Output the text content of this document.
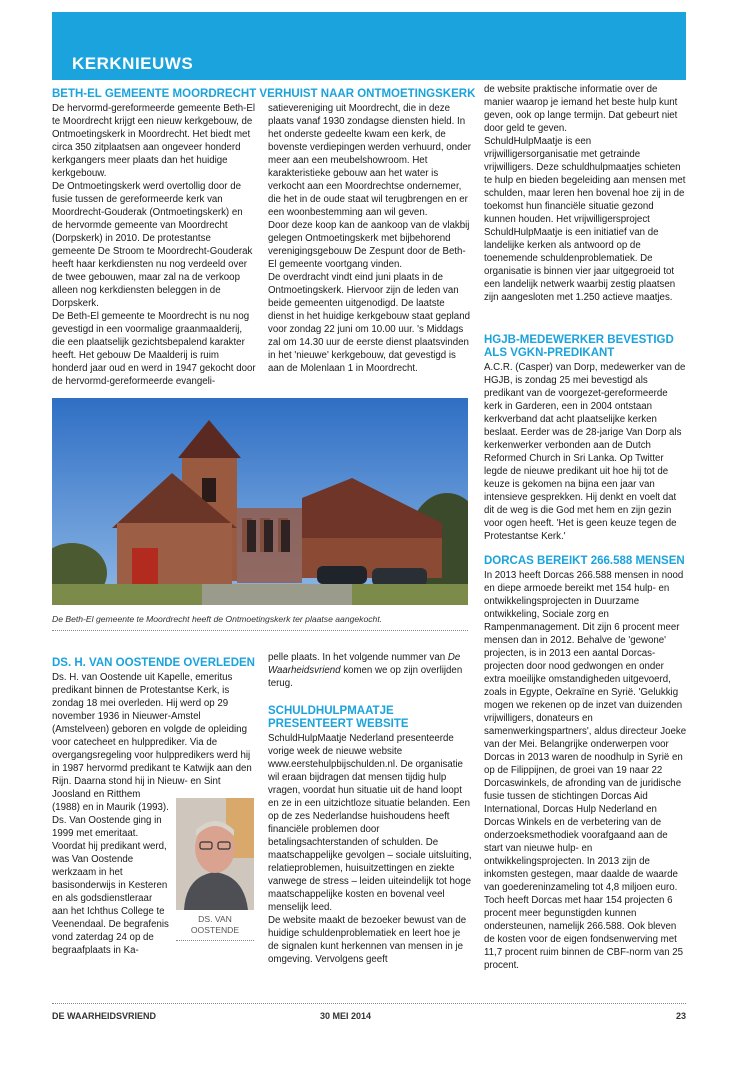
KERKNIEUWS
BETH-EL GEMEENTE MOORDRECHT VERHUIST NAAR ONTMOETINGSKERK

De hervormd-gereformeerde gemeente Beth-El te Moordrecht krijgt een nieuw kerkgebouw, de Ontmoetingskerk in Moordrecht. Het biedt met circa 350 zitplaatsen aan ongeveer honderd kerkgangers meer plaats dan het huidige kerkgebouw.

De Ontmoetingskerk werd overtollig door de fusie tussen de gereformeerde kerk van Moordrecht-Gouderak (Ontmoetingskerk) en de hervormde gemeente van Moordrecht (Dorpskerk) in 2010. De protestantse gemeente De Stroom te Moordrecht-Gouderak heeft haar kerkdiensten nu nog verdeeld over de twee gebouwen, maar zal na de verkoop alleen nog kerkdiensten beleggen in de Dorpskerk.

De Beth-El gemeente te Moordrecht is nu nog gevestigd in een voormalige graanmaalderij, die een plaatselijk gezichtsbepalend karakter heeft. Het gebouw De Maalderij is ruim honderd jaar oud en werd in 1947 gekocht door de hervormd-gereformeerde evangeli-

satievereniging uit Moordrecht, die in deze plaats vanaf 1930 zondagse diensten hield. In het onderste gedeelte kwam een kerk, de bovenste verdiepingen werden verhuurd, onder meer aan een meubelshowroom. Het karakteristieke gebouw aan het water is verkocht aan een Moordrechtse ondernemer, die het in de oude staat wil terugbrengen en er een woonbestemming aan wil geven.

Door deze koop kan de aankoop van de vlakbij gelegen Ontmoetingskerk met bijbehorend verenigingsgebouw De Zespunt door de Beth-El gemeente voortgang vinden.

De overdracht vindt eind juni plaats in de Ontmoetingskerk. Hiervoor zijn de leden van beide gemeenten uitgenodigd. De laatste dienst in het huidige kerkgebouw staat gepland voor zondag 22 juni om 10.00 uur. 's Middags zal om 14.30 uur de eerste dienst plaatsvinden in het 'nieuwe' kerkgebouw, dat gevestigd is aan de Molenlaan 1 in Moordrecht.

De Beth-El gemeente te Moordrecht heeft de Ontmoetingskerk ter plaatse aangekocht.
DS. H. VAN OOSTENDE OVERLEDEN
Ds. H. van Oostende uit Kapelle, emeritus predikant binnen de Protestantse Kerk, is zondag 18 mei overleden. Hij werd op 29 november 1936 in Nieuwer-Amstel (Amstelveen) geboren en volgde de opleiding voor catecheet en hulpprediker. Via de overgangsregeling voor hulppredikers werd hij in 1987 hervormd predikant te Katwijk aan den Rijn. Daarna stond hij in Nieuw- en Sint
Joosland en Ritthem (1988) en in Maurik (1993). Ds. Van Oostende ging in 1999 met emeritaat. Voordat hij predikant werd, was Van Oostende werkzaam in het basisonderwijs in Kesteren en als godsdienstleraar aan het Ichthus College te Veenendaal. De begrafenis vond zaterdag 24 op de begraafplaats in Ka-
DS. VAN OOSTENDE
pelle plaats. In het volgende nummer van De Waarheidsvriend komen we op zijn overlijden terug.
SCHULDHULPMAATJE PRESENTEERT WEBSITE

SchuldHulpMaatje Nederland presenteerde vorige week de nieuwe website www.eerstehulpbijschulden.nl. De organisatie wil eraan bijdragen dat mensen tijdig hulp vragen, voordat hun situatie uit de hand loopt en ze in een uitzichtloze situatie belanden. Een op de zes Nederlandse huishoudens heeft financiële problemen door betalingsachterstanden of schulden. De maatschappelijke gevolgen – sociale uitsluiting, relatieproblemen, huisuitzettingen en ziekte vanwege de stress – leiden uiteindelijk tot hoge maatschappelijke kosten en bovenal veel menselijk leed.

De website maakt de bezoeker bewust van de huidige schuldenproblematiek en leert hoe je de signalen kunt herkennen van mensen in je omgeving. Vervolgens geeft

de website praktische informatie over de manier waarop je iemand het beste hulp kunt geven, ook op lange termijn. Dat gebeurt niet door geld te geven.

SchuldHulpMaatje is een vrijwilligersorganisatie met getrainde vrijwilligers. Deze schuldhulpmaatjes schieten te hulp en bieden begeleiding aan mensen met schulden, maar leren hen bovenal hoe zij in de toekomst hun financiële situatie gezond kunnen houden. Het vrijwilligersproject SchuldHulpMaatje is een initiatief van de landelijke kerken als antwoord op de toenemende schuldenproblematiek. De organisatie is binnen vier jaar uitgegroeid tot een landelijk netwerk waarbij zestig plaatsen zijn aangesloten met 1.250 actieve maatjes.

HGJB-MEDEWERKER BEVESTIGD ALS VGKN-PREDIKANT
A.C.R. (Casper) van Dorp, medewerker van de HGJB, is zondag 25 mei bevestigd als predikant van de voorgezet-gereformeerde kerk in Garderen, een in 2004 ontstaan kerkverband dat acht plaatselijke kerken beslaat. Eerder was de 28-jarige Van Dorp als kerkenwerker verbonden aan de Dutch Reformed Church in Sri Lanka. Op Twitter legde de nieuwe predikant uit hoe hij tot de keuze is gekomen na bijna een jaar van intensieve gesprekken. Hij denkt en voelt dat dit de weg is die God met hem en zijn gezin voor ogen heeft. 'Het is geen keuze tegen de Protestantse Kerk.'
DORCAS BEREIKT 266.588 MENSEN
In 2013 heeft Dorcas 266.588 mensen in nood en diepe armoede bereikt met 154 hulp- en ontwikkelingsprojecten in Duurzame ontwikkeling, Sociale zorg en Rampenmanagement. Dit zijn 6 procent meer mensen dan in 2012. Behalve de 'gewone' projecten, is in 2013 een aantal Dorcas-projecten door nood gedwongen en onder extra moeilijke omstandigheden uitgevoerd, zoals in Egypte, Oekraïne en Syrië. 'Gelukkig mogen we rekenen op de inzet van duizenden vrijwilligers, donateurs en samenwerkingspartners', aldus directeur Joeke van der Mei. Belangrijke onderwerpen voor Dorcas in 2013 waren de noodhulp in Syrië en op de Filippijnen, de groei van 19 naar 22 Dorcaswinkels, de afronding van de juridische fusie tussen de stichtingen Dorcas Aid International, Dorcas Hulp Nederland en Dorcas Winkels en de verbetering van de onderzoeksmethodiek voorafgaand aan de start van nieuwe hulp- en ontwikkelingsprojecten. In 2013 zijn de inkomsten gestegen, maar daalde de waarde van goedereninzameling tot 4,8 miljoen euro. Toch heeft Dorcas met haar 154 projecten 6 procent meer begunstigden kunnen ondersteunen, namelijk 266.588. Ook bleven de kosten voor de eigen fondsenwerving met 11,7 procent ruim binnen de CBF-norm van 25 procent.
DE WAARHEIDSVRIEND	30 MEI 2014	23
